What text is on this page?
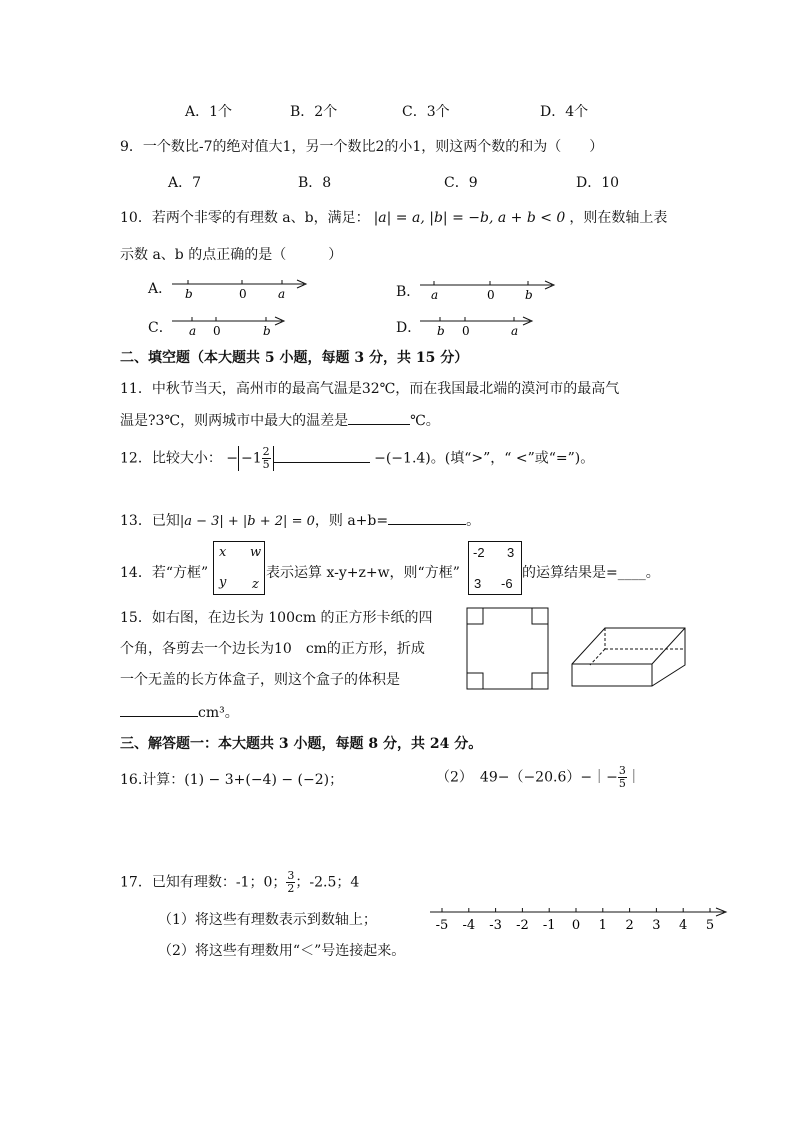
A．1个	B．2个	C．3个	D．4个
9．一个数比-7的绝对值大1，另一个数比2的小1，则这两个数的和为（　　）
A．7	B．8	C．9	D．10
10．若两个非零的有理数 a、b，满足： |a| = a, |b| = −b, a + b < 0 ，则在数轴上表
示数 a、b 的点正确的是（　　　）
A． b	0	a	B． a	0	b
C． a 0	b	D． b 0	a
二、填空题（本大题共 5 小题，每题 3 分，共 15 分）
11．中秋节当天，高州市的最高气温是32℃，而在我国最北端的漠河市的最高气
温是?3℃，则两城市中最大的温差是	℃。
12．比较大小： − $-1 \frac{2}{5}$	−(−1.4)。(填“>”，“ <”或“=”)。
13．已知|a − 3| + |b + 2| = 0，则 a+b=	。
14．若“方框”
x w
y z
表示运算 x-y+z+w，则“方框”
-2 3
3 -6
的运算结果是=____。
15．如右图，在边长为 100cm 的正方形卡纸的四
个角，各剪去一个边长为10　cm的正方形，折成
一个无盖的长方体盒子，则这个盒子的体积是
cm³。
三、解答题一：本大题共 3 小题，每题 8 分，共 24 分。
16.计算：(1) − 3+(−4) − (−2)；	（2）　49−（−20.6）−｜− $\frac{3}{5}$ ｜
17．已知有理数：-1；0； $\frac{3}{2}$ ；-2.5；4
（1）将这些有理数表示到数轴上；
（2）将这些有理数用“＜”号连接起来。
-5 -4 -3 -2 -1 0 1 2 3 4 5
